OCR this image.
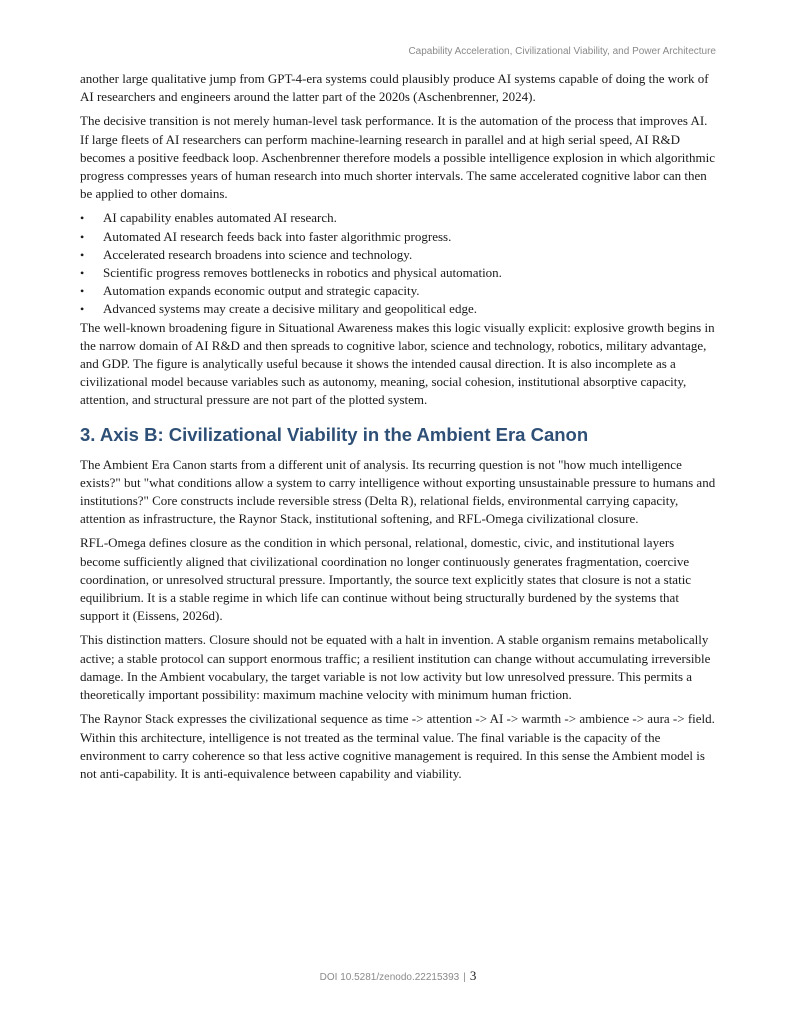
Capability Acceleration, Civilizational Viability, and Power Architecture

another large qualitative jump from GPT-4-era systems could plausibly produce AI systems capable of doing the work of AI researchers and engineers around the latter part of the 2020s (Aschenbrenner, 2024).

The decisive transition is not merely human-level task performance. It is the automation of the process that improves AI. If large fleets of AI researchers can perform machine-learning research in parallel and at high serial speed, AI R&D becomes a positive feedback loop. Aschenbrenner therefore models a possible intelligence explosion in which algorithmic progress compresses years of human research into much shorter intervals. The same accelerated cognitive labor can then be applied to other domains.

• AI capability enables automated AI research.
• Automated AI research feeds back into faster algorithmic progress.
• Accelerated research broadens into science and technology.
• Scientific progress removes bottlenecks in robotics and physical automation.
• Automation expands economic output and strategic capacity.
• Advanced systems may create a decisive military and geopolitical edge.

The well-known broadening figure in Situational Awareness makes this logic visually explicit: explosive growth begins in the narrow domain of AI R&D and then spreads to cognitive labor, science and technology, robotics, military advantage, and GDP. The figure is analytically useful because it shows the intended causal direction. It is also incomplete as a civilizational model because variables such as autonomy, meaning, social cohesion, institutional absorptive capacity, attention, and structural pressure are not part of the plotted system.

3. Axis B: Civilizational Viability in the Ambient Era Canon

The Ambient Era Canon starts from a different unit of analysis. Its recurring question is not "how much intelligence exists?" but "what conditions allow a system to carry intelligence without exporting unsustainable pressure to humans and institutions?" Core constructs include reversible stress (Delta R), relational fields, environmental carrying capacity, attention as infrastructure, the Raynor Stack, institutional softening, and RFL-Omega civilizational closure.

RFL-Omega defines closure as the condition in which personal, relational, domestic, civic, and institutional layers become sufficiently aligned that civilizational coordination no longer continuously generates fragmentation, coercive coordination, or unresolved structural pressure. Importantly, the source text explicitly states that closure is not a static equilibrium. It is a stable regime in which life can continue without being structurally burdened by the systems that support it (Eissens, 2026d).

This distinction matters. Closure should not be equated with a halt in invention. A stable organism remains metabolically active; a stable protocol can support enormous traffic; a resilient institution can change without accumulating irreversible damage. In the Ambient vocabulary, the target variable is not low activity but low unresolved pressure. This permits a theoretically important possibility: maximum machine velocity with minimum human friction.

The Raynor Stack expresses the civilizational sequence as time -> attention -> AI -> warmth -> ambience -> aura -> field. Within this architecture, intelligence is not treated as the terminal value. The final variable is the capacity of the environment to carry coherence so that less active cognitive management is required. In this sense the Ambient model is not anti-capability. It is anti-equivalence between capability and viability.

DOI 10.5281/zenodo.22215393 | 3
